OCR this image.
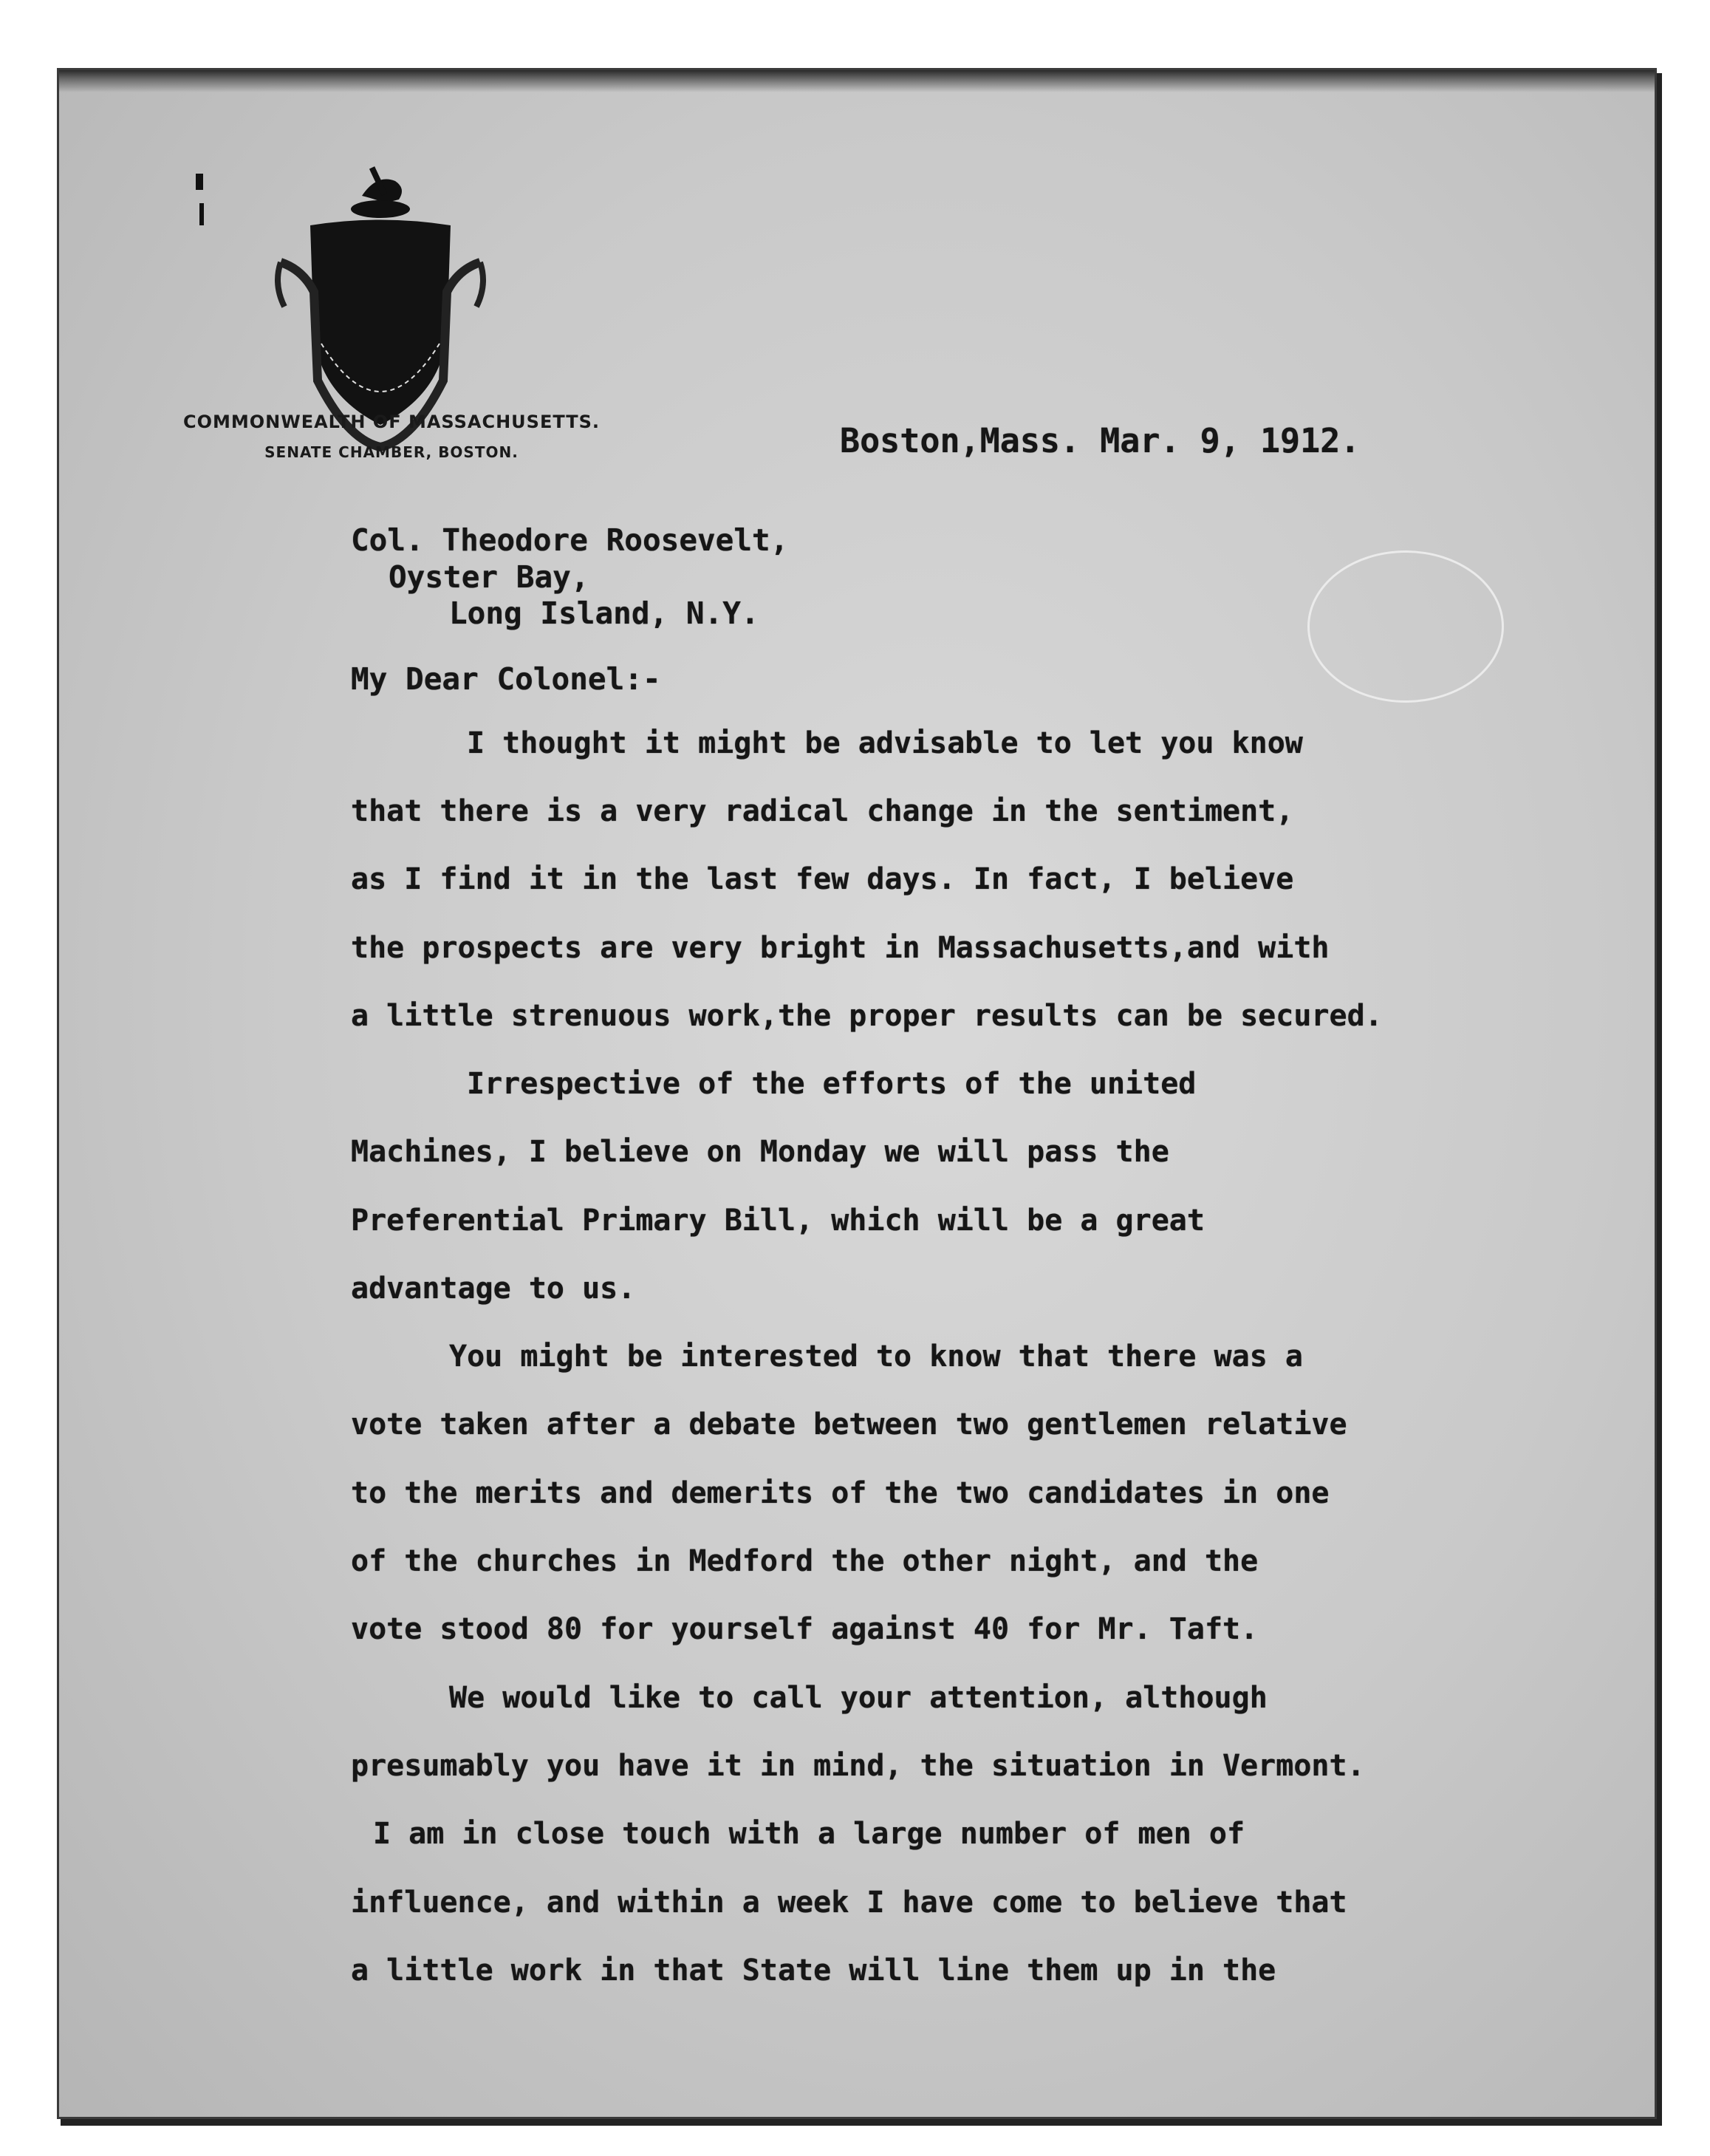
COMMONWEALTH OF MASSACHUSETTS.
SENATE CHAMBER, BOSTON.	Boston,Mass. Mar. 9, 1912.
Col. Theodore Roosevelt,
Oyster Bay,
Long Island, N.Y.
My Dear Colonel:-
I thought it might be advisable to let you know
that there is a very radical change in the sentiment,
as I find it in the last few days. In fact, I believe
the prospects are very bright in Massachusetts,and with
a little strenuous work,the proper results can be secured.
Irrespective of the efforts of the united
Machines, I believe on Monday we will pass the
Preferential Primary Bill, which will be a great
advantage to us.
You might be interested to know that there was a
vote taken after a debate between two gentlemen relative
to the merits and demerits of the two candidates in one
of the churches in Medford the other night, and the
vote stood 80 for yourself against 40 for Mr. Taft.
We would like to call your attention, although
presumably you have it in mind, the situation in Vermont.
I am in close touch with a large number of men of
influence, and within a week I have come to believe that
a little work in that State will line them up in the
